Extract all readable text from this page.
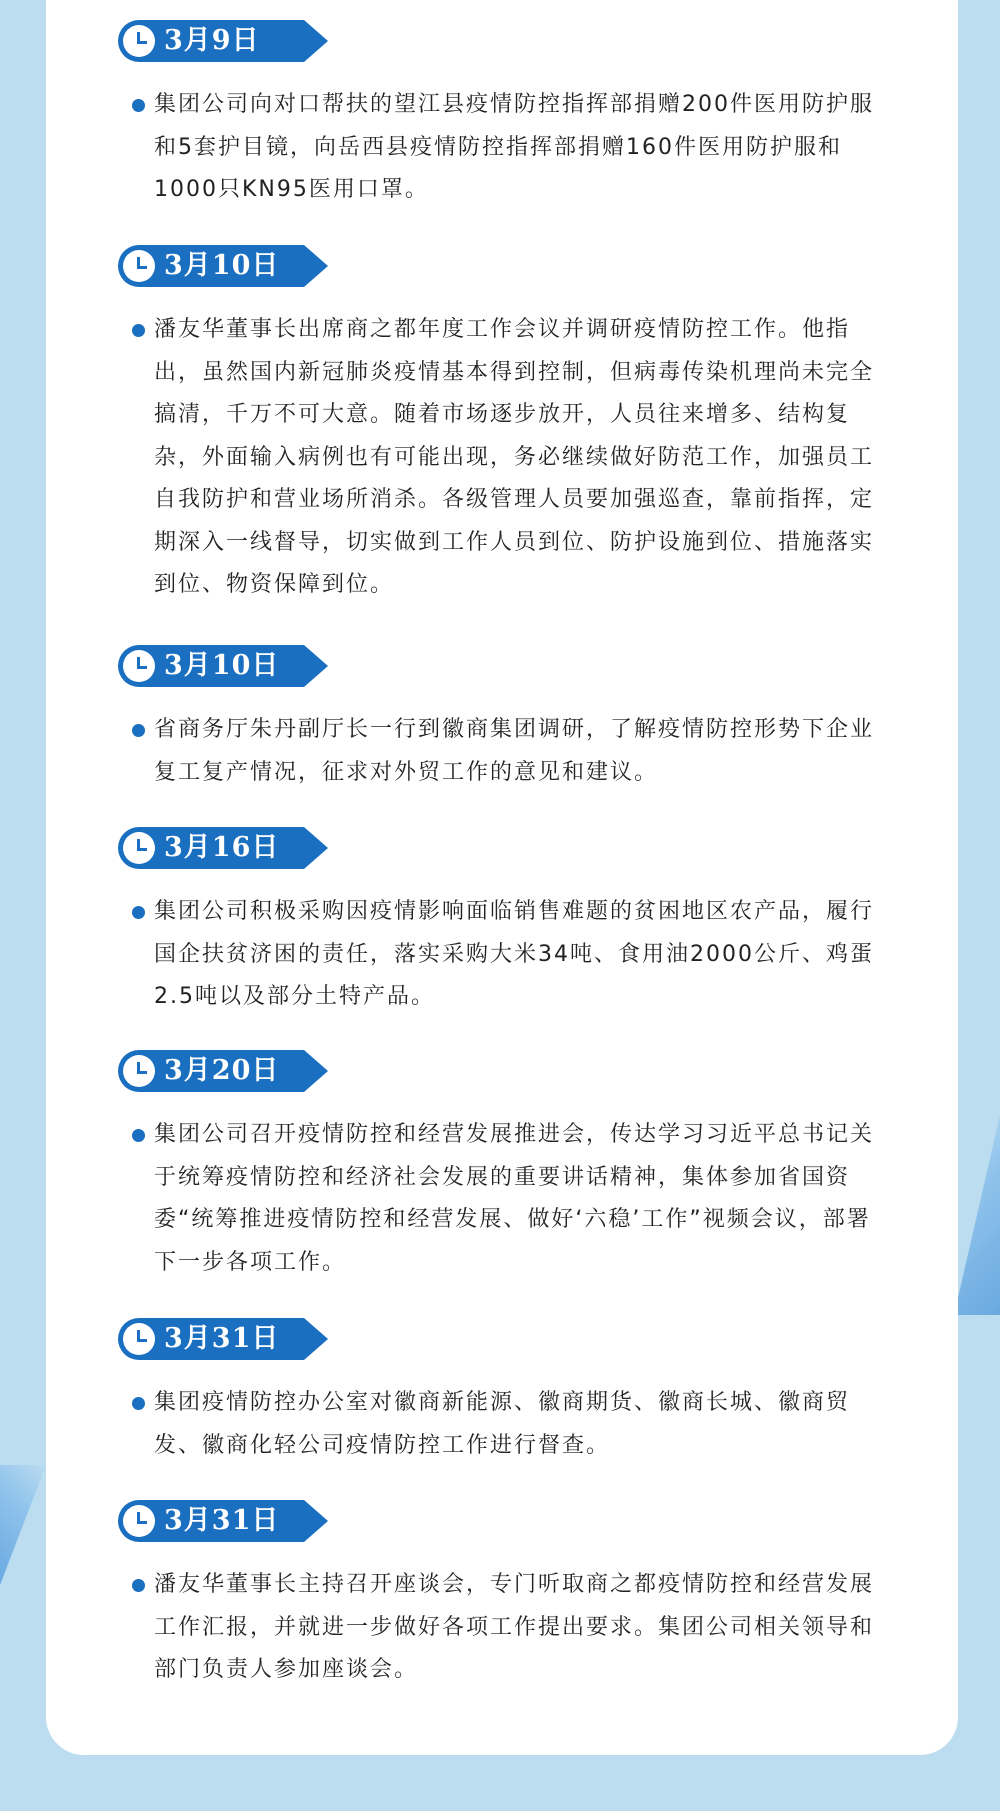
3月9日
集团公司向对口帮扶的望江县疫情防控指挥部捐赠200件医用防护服和5套护目镜，向岳西县疫情防控指挥部捐赠160件医用防护服和1000只KN95医用口罩。
3月10日
潘友华董事长出席商之都年度工作会议并调研疫情防控工作。他指出，虽然国内新冠肺炎疫情基本得到控制，但病毒传染机理尚未完全搞清，千万不可大意。随着市场逐步放开，人员往来增多、结构复杂，外面输入病例也有可能出现，务必继续做好防范工作，加强员工自我防护和营业场所消杀。各级管理人员要加强巡查，靠前指挥，定期深入一线督导，切实做到工作人员到位、防护设施到位、措施落实到位、物资保障到位。
3月10日
省商务厅朱丹副厅长一行到徽商集团调研，了解疫情防控形势下企业复工复产情况，征求对外贸工作的意见和建议。
3月16日
集团公司积极采购因疫情影响面临销售难题的贫困地区农产品，履行国企扶贫济困的责任，落实采购大米34吨、食用油2000公斤、鸡蛋2.5吨以及部分土特产品。
3月20日
集团公司召开疫情防控和经营发展推进会，传达学习习近平总书记关于统筹疫情防控和经济社会发展的重要讲话精神，集体参加省国资委“统筹推进疫情防控和经营发展、做好‘六稳’工作”视频会议，部署下一步各项工作。
3月31日
集团疫情防控办公室对徽商新能源、徽商期货、徽商长城、徽商贸发、徽商化轻公司疫情防控工作进行督查。
3月31日
潘友华董事长主持召开座谈会，专门听取商之都疫情防控和经营发展工作汇报，并就进一步做好各项工作提出要求。集团公司相关领导和部门负责人参加座谈会。
